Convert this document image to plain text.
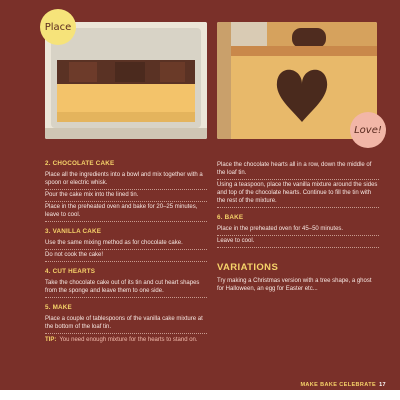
Place
Love!
2. CHOCOLATE CAKE
Place all the ingredients into a bowl and mix together with a spoon or electric whisk.
Pour the cake mix into the lined tin.
Place in the preheated oven and bake for 20–25 minutes, leave to cool.
3. VANILLA CAKE
Use the same mixing method as for chocolate cake.
Do not cook the cake!
4. CUT HEARTS
Take the chocolate cake out of its tin and cut heart shapes from the sponge and leave them to one side.
5. MAKE
Place a couple of tablespoons of the vanilla cake mixture at the bottom of the loaf tin.
TIP: You need enough mixture for the hearts to stand on.
Place the chocolate hearts all in a row, down the middle of the loaf tin.
Using a teaspoon, place the vanilla mixture around the sides and top of the chocolate hearts. Continue to fill the tin with the rest of the mixture.
6. BAKE
Place in the preheated oven for 45–50 minutes.
Leave to cool.
VARIATIONS
Try making a Christmas version with a tree shape, a ghost for Halloween, an egg for Easter etc...
MAKE BAKE CELEBRATE 17
